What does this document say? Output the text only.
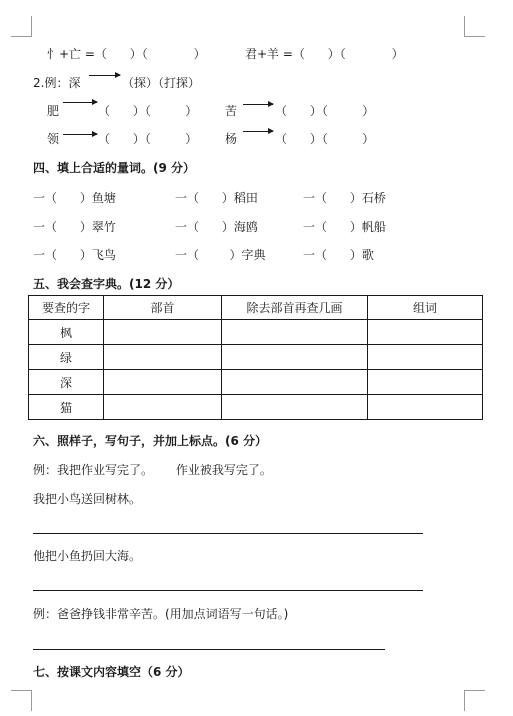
忄+亡 =（      ）（            ）	君+羊 =（      ）（            ）
2.例：深	（探）（打探）
肥	（      ）（         ） 苦	（      ）（         ）
领	（      ）（         ） 杨	（      ）（         ）
四、填上合适的量词。(9 分）
一（      ）鱼塘	一（      ）稻田	一（      ）石桥
一（      ）翠竹	一（      ）海鸥	一（      ）帆船
一（      ）飞鸟	一（        ）字典	一（      ）歌
五、我会查字典。(12 分）
要查的字	部首	除去部首再查几画	组词
枫			
绿			
深			
猫			
六、照样子，写句子，并加上标点。(6 分）
例：我把作业写完了。      作业被我写完了。
我把小鸟送回树林。
他把小鱼扔回大海。
例：爸爸挣钱非常辛苦。(用加点词语写一句话。)
七、按课文内容填空（6 分）
